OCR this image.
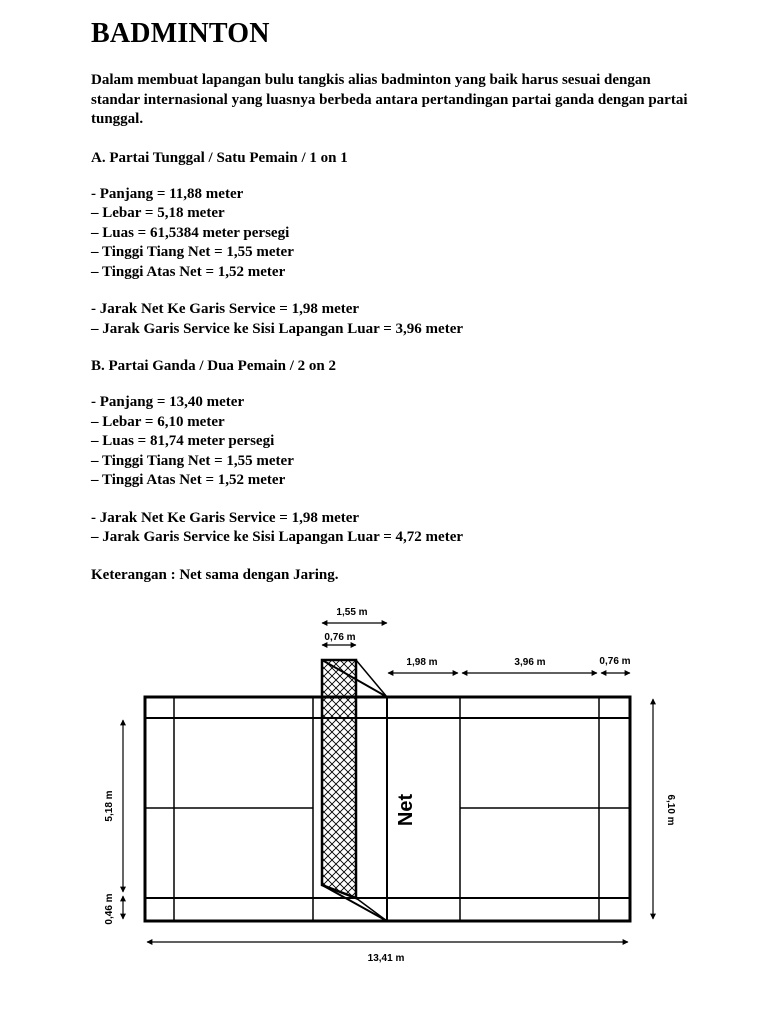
BADMINTON
Dalam membuat lapangan bulu tangkis alias badminton yang baik harus sesuai dengan standar internasional yang luasnya berbeda antara pertandingan partai ganda dengan partai tunggal.
A. Partai Tunggal / Satu Pemain / 1 on 1
- Panjang = 11,88 meter
– Lebar = 5,18 meter
– Luas = 61,5384 meter persegi
– Tinggi Tiang Net = 1,55 meter
– Tinggi Atas Net = 1,52 meter
- Jarak Net Ke Garis Service = 1,98 meter
– Jarak Garis Service ke Sisi Lapangan Luar = 3,96 meter
B. Partai Ganda / Dua Pemain / 2 on 2
- Panjang = 13,40 meter
– Lebar = 6,10 meter
– Luas = 81,74 meter persegi
– Tinggi Tiang Net = 1,55 meter
– Tinggi Atas Net = 1,52 meter
- Jarak Net Ke Garis Service = 1,98 meter
– Jarak Garis Service ke Sisi Lapangan Luar = 4,72 meter
Keterangan : Net sama dengan Jaring.
Net
1,55 m
0,76 m
1,98 m	3,96 m	0,76 m
5,18 m
0,46 m
6,10 m
13,41 m
